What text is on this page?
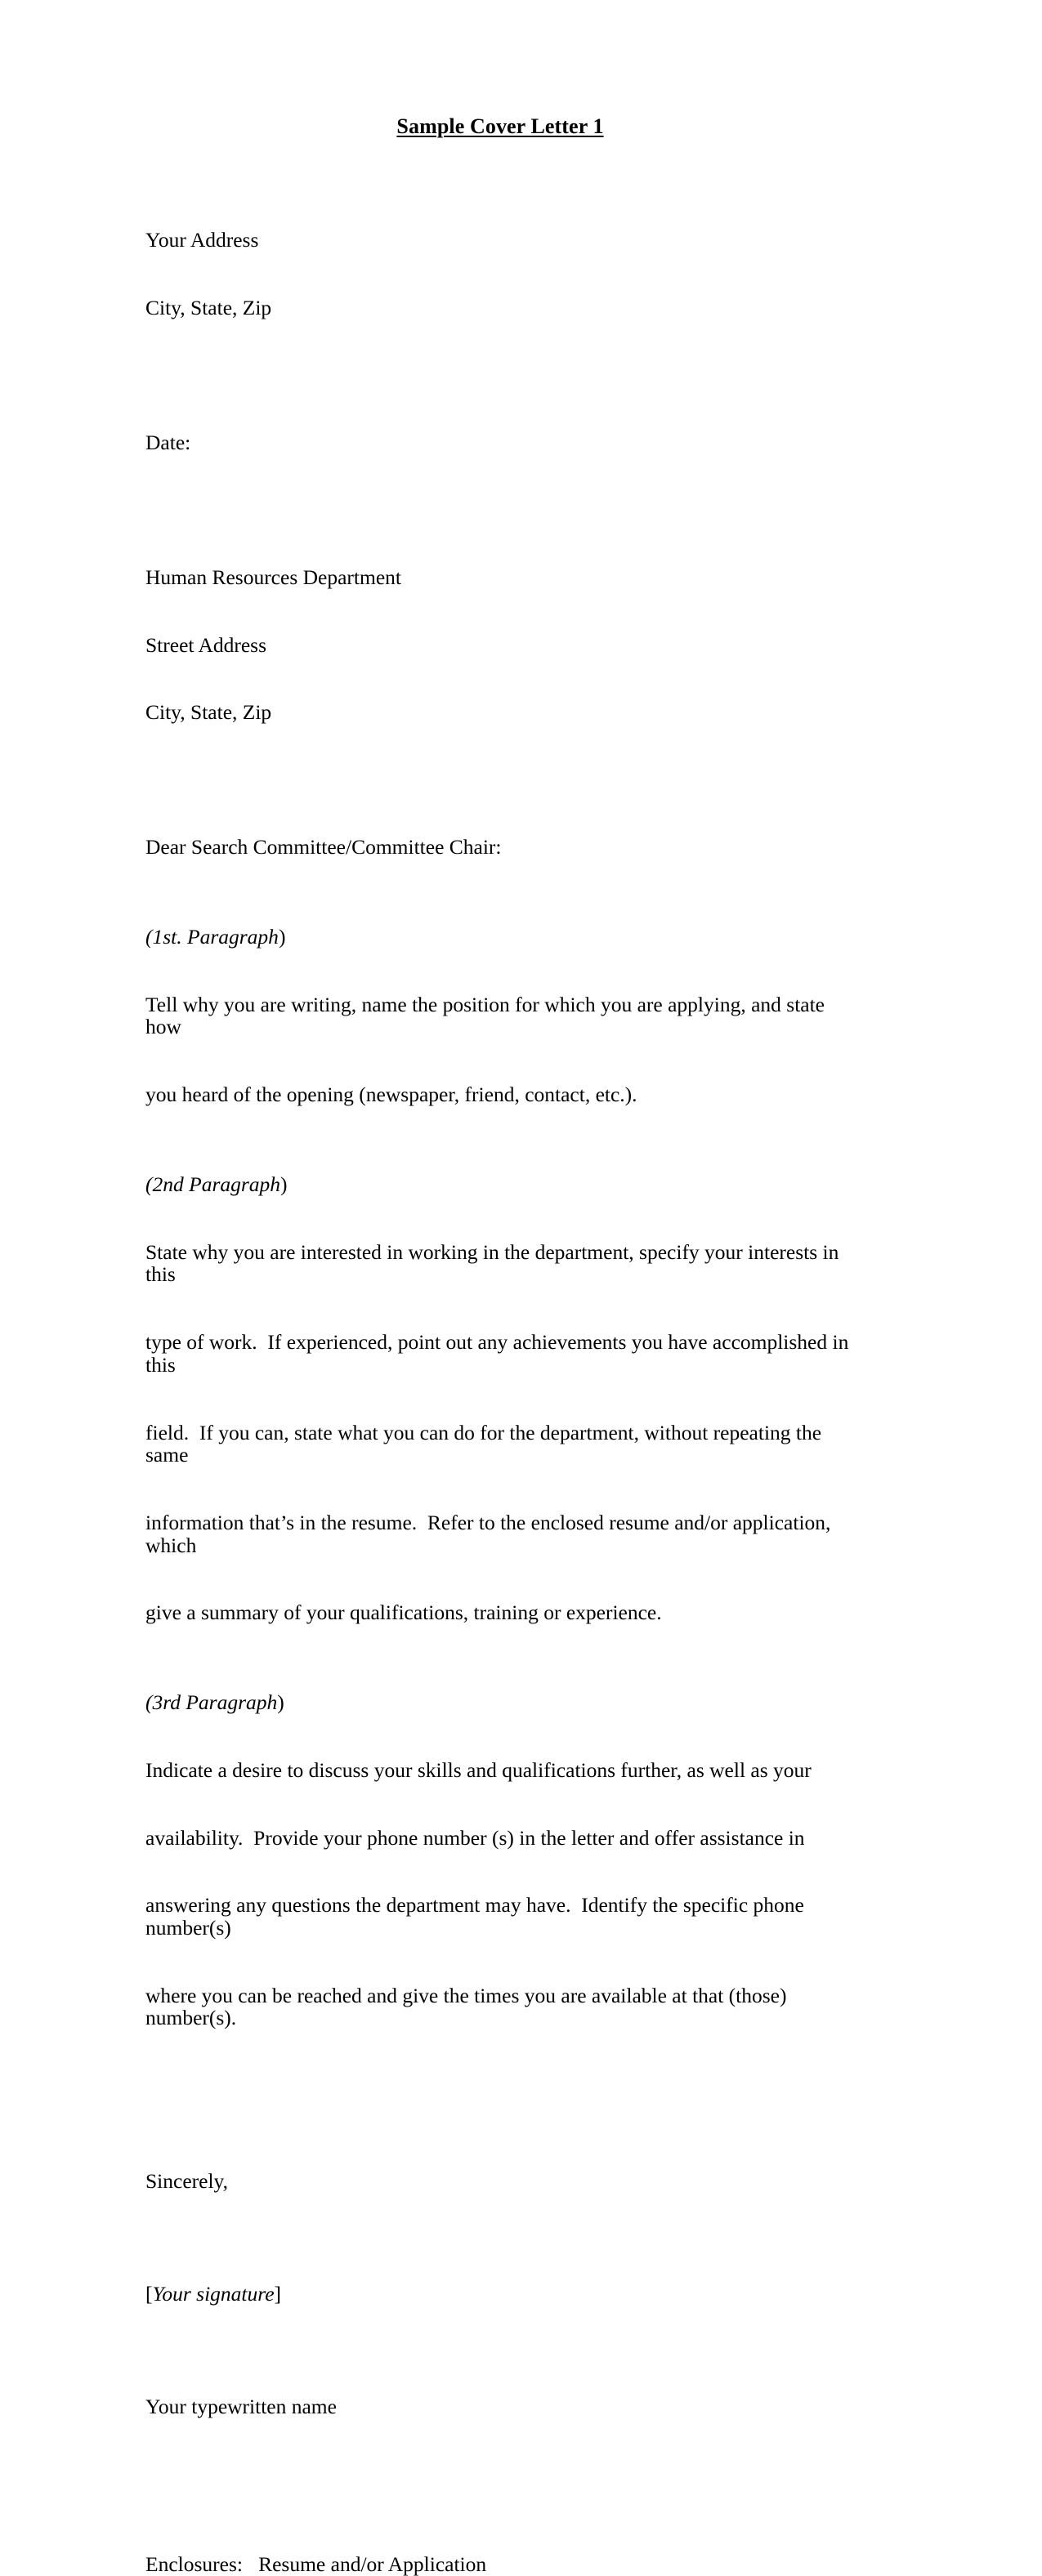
Sample Cover Letter 1

Your Address

City, State, Zip

Date:

Human Resources Department

Street Address

City, State, Zip

Dear Search Committee/Committee Chair:

(1st. Paragraph)

Tell why you are writing, name the position for which you are applying, and state how

you heard of the opening (newspaper, friend, contact, etc.).

(2nd Paragraph)

State why you are interested in working in the department, specify your interests in this

type of work.  If experienced, point out any achievements you have accomplished in this

field.  If you can, state what you can do for the department, without repeating the same

information that’s in the resume.  Refer to the enclosed resume and/or application, which

give a summary of your qualifications, training or experience.

(3rd Paragraph)

Indicate a desire to discuss your skills and qualifications further, as well as your

availability.  Provide your phone number (s) in the letter and offer assistance in

answering any questions the department may have.  Identify the specific phone number(s)

where you can be reached and give the times you are available at that (those) number(s).

Sincerely,

[Your signature]

Your typewritten name

Enclosures:   Resume and/or Application
